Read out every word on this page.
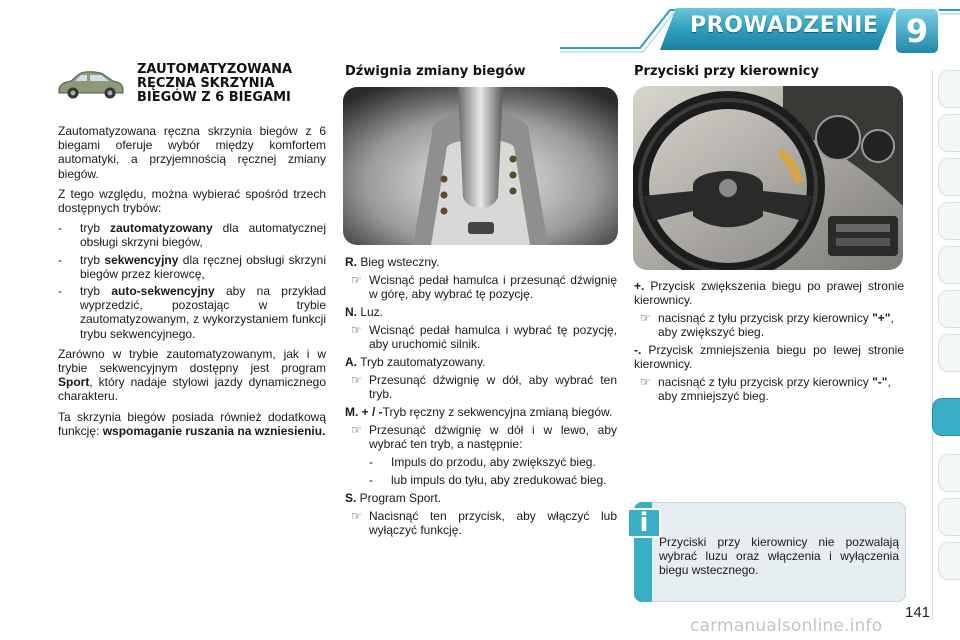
PROWADZENIE 9
ZAUTOMATYZOWANA RĘCZNA SKRZYNIA BIEGÓW Z 6 BIEGAMI

Zautomatyzowana ręczna skrzynia biegów z 6 biegami oferuje wybór między komfortem automatyki, a przyjemnością ręcznej zmiany biegów.

Z tego względu, można wybierać spośród trzech dostępnych trybów:

-	tryb zautomatyzowany dla automatycznej obsługi skrzyni biegów,
-	tryb sekwencyjny dla ręcznej obsługi skrzyni biegów przez kierowcę,
-	tryb auto-sekwencyjny aby na przykład wyprzedzić, pozostając w trybie zautomatyzowanym, z wykorzystaniem funkcji trybu sekwencyjnego.

Zarówno w trybie zautomatyzowanym, jak i w trybie sekwencyjnym dostępny jest program Sport, który nadaje stylowi jazdy dynamicznego charakteru.

Ta skrzynia biegów posiada również dodatkową funkcję: wspomaganie ruszania na wzniesieniu.

Dźwignia zmiany biegów
R. Bieg wsteczny.
☞ Wcisnąć pedał hamulca i przesunąć dźwignię w górę, aby wybrać tę pozycję.
N. Luz.
☞ Wcisnąć pedał hamulca i wybrać tę pozycję, aby uruchomić silnik.
A. Tryb zautomatyzowany.
☞ Przesunąć dźwignię w dół, aby wybrać ten tryb.
M. + / -Tryb ręczny z sekwencyjna zmianą biegów.
☞ Przesunąć dźwignię w dół i w lewo, aby wybrać ten tryb, a następnie:
-	Impuls do przodu, aby zwiększyć bieg.
-	lub impuls do tyłu, aby zredukować bieg.
S. Program Sport.
☞ Nacisnąć ten przycisk, aby włączyć lub wyłączyć funkcję.
Przyciski przy kierownicy
+. Przycisk zwiększenia biegu po prawej stronie kierownicy.
☞ nacisnąć z tyłu przycisk przy kierownicy "+", aby zwiększyć bieg.
-. Przycisk zmniejszenia biegu po lewej stronie kierownicy.
☞ nacisnąć z tyłu przycisk przy kierownicy "-", aby zmniejszyć bieg.
i
Przyciski przy kierownicy nie pozwalają wybrać luzu oraz włączenia i wyłączenia biegu wstecznego.
141
carmanualsonline.info
